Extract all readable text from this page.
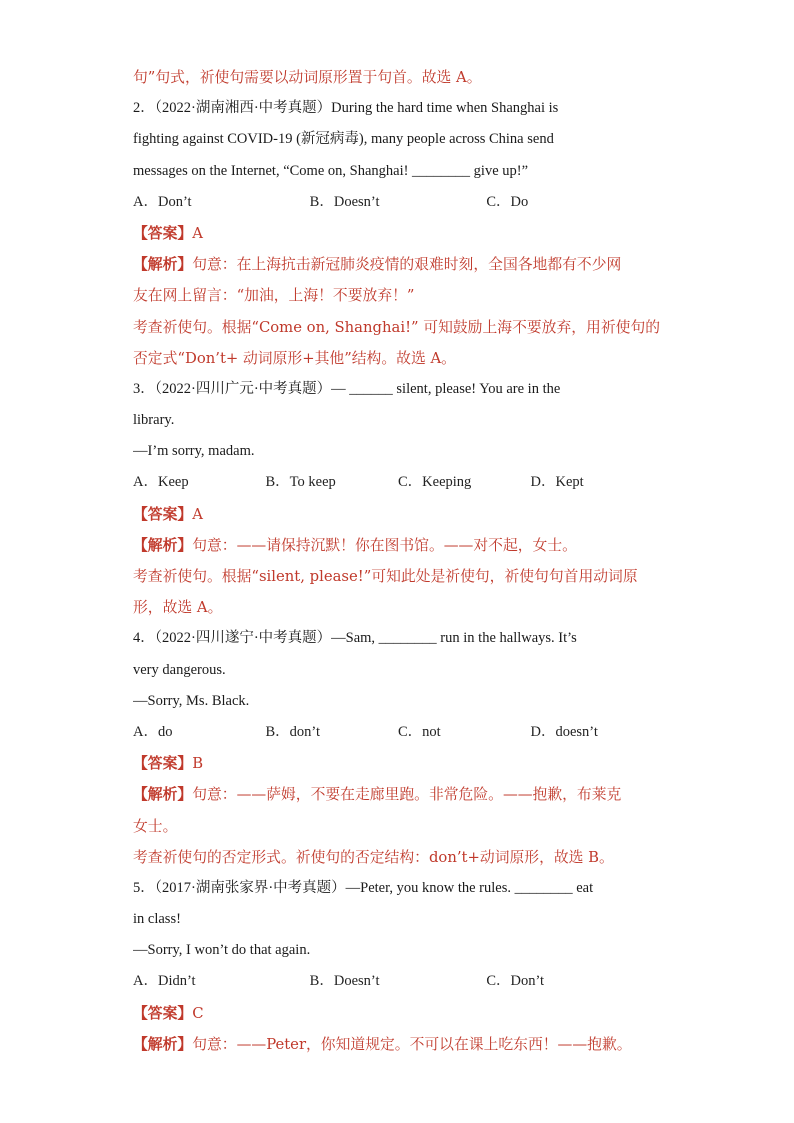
句”句式，祈使句需要以动词原形置于句首。故选 A。
2．（2022·湖南湘西·中考真题）During the hard time when Shanghai is
fighting against COVID-19 (新冠病毒), many people across China send
messages on the Internet, “Come on, Shanghai! ________ give up!”
A．Don’t	B．Doesn’t	C．Do
【答案】A
【解析】句意：在上海抗击新冠肺炎疫情的艰难时刻，全国各地都有不少网
友在网上留言：“加油，上海！不要放弃！”
考查祈使句。根据“Come on, Shanghai!” 可知鼓励上海不要放弃，用祈使句的
否定式“Don’t+ 动词原形+其他”结构。故选 A。
3．（2022·四川广元·中考真题）— ______ silent, please! You are in the
library.
—I’m sorry, madam.
A．Keep	B．To keep	C．Keeping	D．Kept
【答案】A
【解析】句意：——请保持沉默！你在图书馆。——对不起，女士。
考查祈使句。根据“silent, please!”可知此处是祈使句，祈使句句首用动词原
形，故选 A。
4．（2022·四川遂宁·中考真题）—Sam, ________ run in the hallways. It’s
very dangerous.
—Sorry, Ms. Black.
A．do	B．don’t	C．not	D．doesn’t
【答案】B
【解析】句意：——萨姆，不要在走廊里跑。非常危险。——抱歉，布莱克
女士。
考查祈使句的否定形式。祈使句的否定结构：don’t+动词原形，故选 B。
5．（2017·湖南张家界·中考真题）—Peter, you know the rules. ________ eat
in class!
—Sorry, I won’t do that again.
A．Didn’t	B．Doesn’t	C．Don’t
【答案】C
【解析】句意：——Peter，你知道规定。不可以在课上吃东西！——抱歉。
